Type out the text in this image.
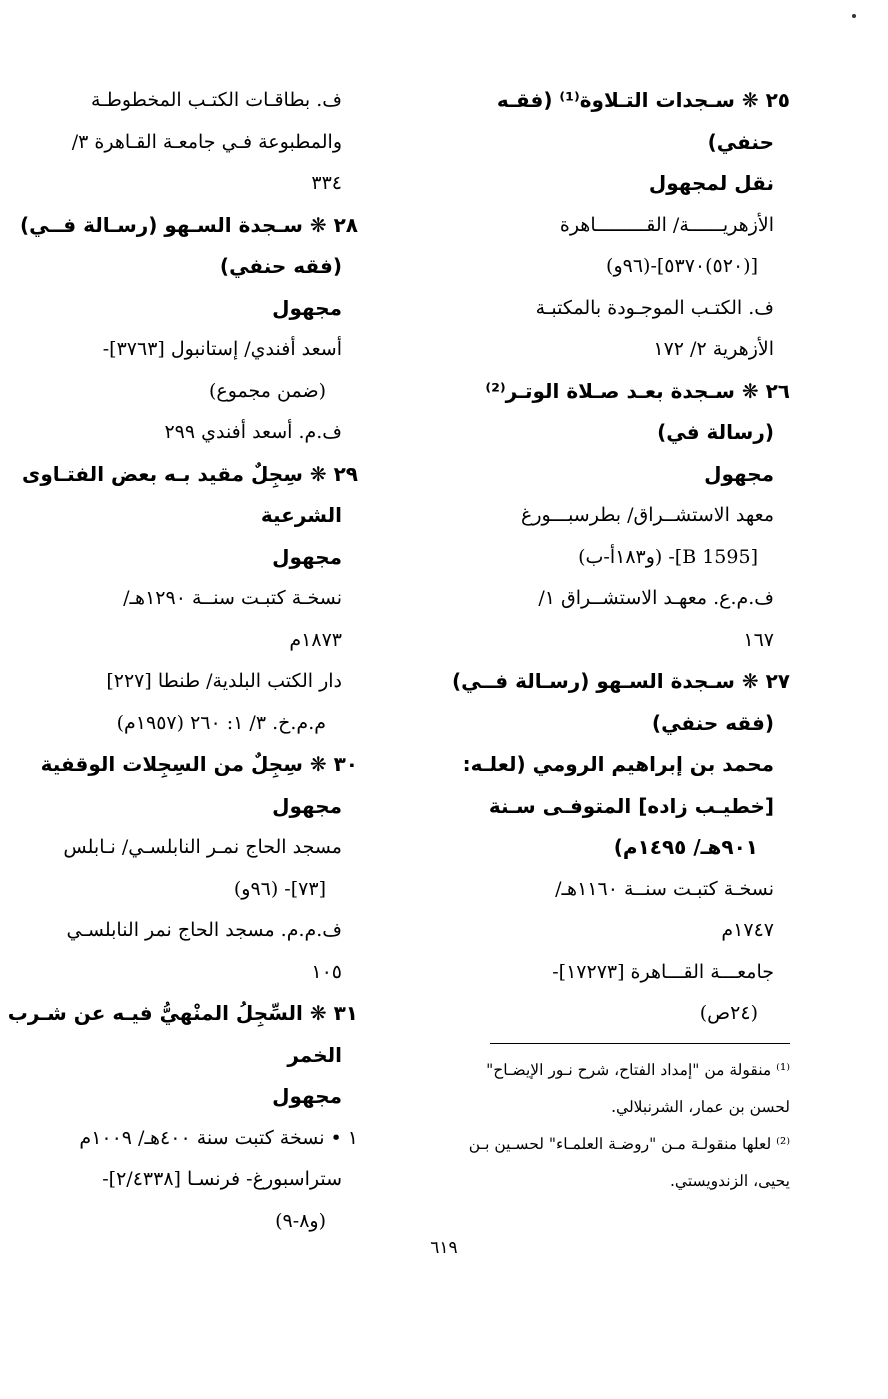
٢٥ ❋ سـجدات التـلاوة⁽¹⁾ (فقـه
حنفي)
نقل لمجهول
الأزهريــــــة/ القـــــــــاهرة
[(٥٢٠)٥٣٧٠]-(٩٦و)
ف. الكتـب الموجـودة بالمكتبـة
الأزهرية ٢/ ١٧٢
٢٦ ❋ سـجدة بعـد صـلاة الوتـر⁽²⁾
(رسالة في)
مجهول
معهد الاستشــراق/ بطرسبـــورغ
[B 1595]- (و١٨٣أ-ب)
ف.م.ع. معهـد الاستشــراق ١/
١٦٧
٢٧ ❋ سـجدة السـهو (رسـالة فــي)
(فقه حنفي)
محمد بن إبراهيم الرومي (لعلـه:
[خطيـب زاده] المتوفـى سـنة
٩٠١هـ/ ١٤٩٥م)
نسخـة كتبـت سنــة ١١٦٠هـ/
١٧٤٧م
جامعـــة القـــاهرة [١٧٢٧٣]-
(٢٤ص)
ف. بطاقـات الكتـب المخطوطـة
والمطبوعة فـي جامعـة القـاهرة ٣/
٣٣٤
٢٨ ❋ سـجدة السـهو (رسـالة فــي)
(فقه حنفي)
مجهول
أسعد أفندي/ إستانبول [٣٧٦٣]-
(ضمن مجموع)
ف.م. أسعد أفندي ٢٩٩
٢٩ ❋ سِجِلٌ مقيد بـه بعض الفتـاوى
الشرعية
مجهول
نسخـة كتبـت سنــة ١٢٩٠هـ/
١٨٧٣م
دار الكتب البلدية/ طنطا [٢٢٧]
م.م.خ. ٣/ ١: ٢٦٠ (١٩٥٧م)
٣٠ ❋ سِجِلٌ من السِجِلات الوقفية
مجهول
مسجد الحاج نمـر النابلسـي/ نـابلس
[٧٣]- (٩٦و)
ف.م.م. مسجد الحاج نمر النابلسـي
١٠٥
٣١ ❋ السِّجِلُ المنْهيُّ فيـه عن شـرب
الخمر
مجهول
١ • نسخة كتبت سنة ٤٠٠هـ/ ١٠٠٩م
ستراسبورغ- فرنسـا [٢/٤٣٣٨]-
(و٨-٩)
⁽¹⁾ منقولة من "إمداد الفتاح، شرح نـور الإيضـاح"
لحسن بن عمار، الشرنبلالي.
⁽²⁾ لعلها منقولـة مـن "روضـة العلمـاء" لحسـين بـن
يحيى، الزندويستي.
٦١٩
